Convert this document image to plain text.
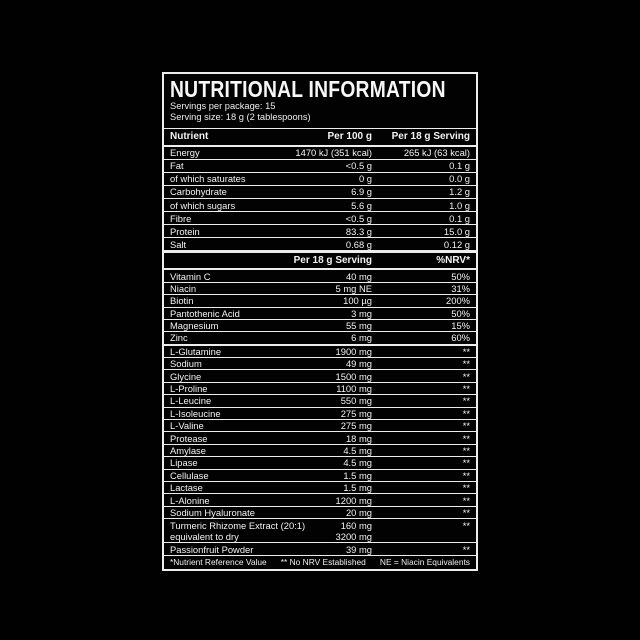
NUTRITIONAL INFORMATION
Servings per package: 15
Serving size: 18 g (2 tablespoons)
Nutrient	Per 100 g	Per 18 g Serving
Energy	1470 kJ (351 kcal)	265 kJ (63 kcal)
Fat	<0.5 g	0.1 g
of which saturates	0 g	0.0 g
Carbohydrate	6.9 g	1.2 g
of which sugars	5.6 g	1.0 g
Fibre	<0.5 g	0.1 g
Protein	83.3 g	15.0 g
Salt	0.68 g	0.12 g
Per 18 g Serving	%NRV*
Vitamin C	40 mg	50%
Niacin	5 mg NE	31%
Biotin	100 µg	200%
Pantothenic Acid	3 mg	50%
Magnesium	55 mg	15%
Zinc	6 mg	60%
L-Glutamine	1900 mg	**
Sodium	49 mg	**
Glycine	1500 mg	**
L-Proline	1100 mg	**
L-Leucine	550 mg	**
L-Isoleucine	275 mg	**
L-Valine	275 mg	**
Protease	18 mg	**
Amylase	4.5 mg	**
Lipase	4.5 mg	**
Cellulase	1.5 mg	**
Lactase	1.5 mg	**
L-Alonine	1200 mg	**
Sodium Hyaluronate	20 mg	**
Turmeric Rhizome Extract (20:1)	160 mg	**
equivalent to dry	3200 mg
Passionfruit Powder	39 mg	**
*Nutrient Reference Value ** No NRV Established NE = Niacin Equivalents
